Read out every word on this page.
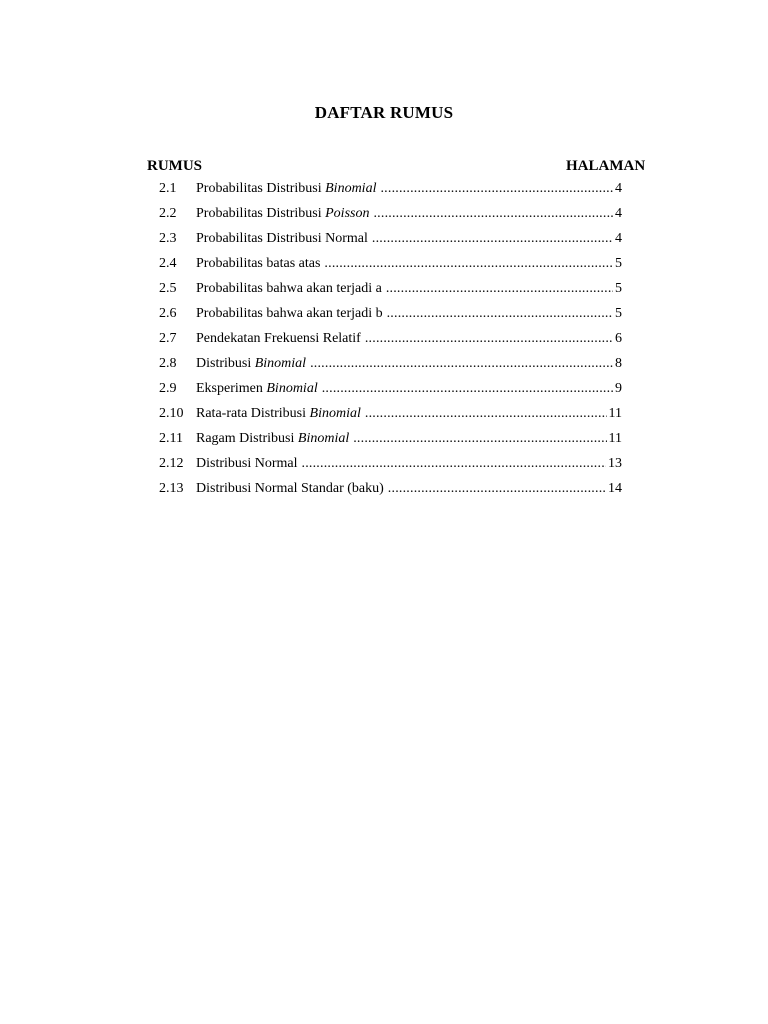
DAFTAR RUMUS
RUMUS	HALAMAN
2.1	Probabilitas Distribusi Binomial .....	4
2.2	Probabilitas Distribusi Poisson .....	4
2.3	Probabilitas Distribusi Normal .....	4
2.4	Probabilitas batas atas .....	5
2.5	Probabilitas bahwa akan terjadi a .....	5
2.6	Probabilitas bahwa akan terjadi b .....	5
2.7	Pendekatan Frekuensi Relatif .....	6
2.8	Distribusi Binomial .....	8
2.9	Eksperimen Binomial .....	9
2.10 Rata-rata Distribusi Binomial .....	11
2.11 Ragam Distribusi Binomial .....	11
2.12 Distribusi Normal .....	13
2.13 Distribusi Normal Standar (baku) .....	14
